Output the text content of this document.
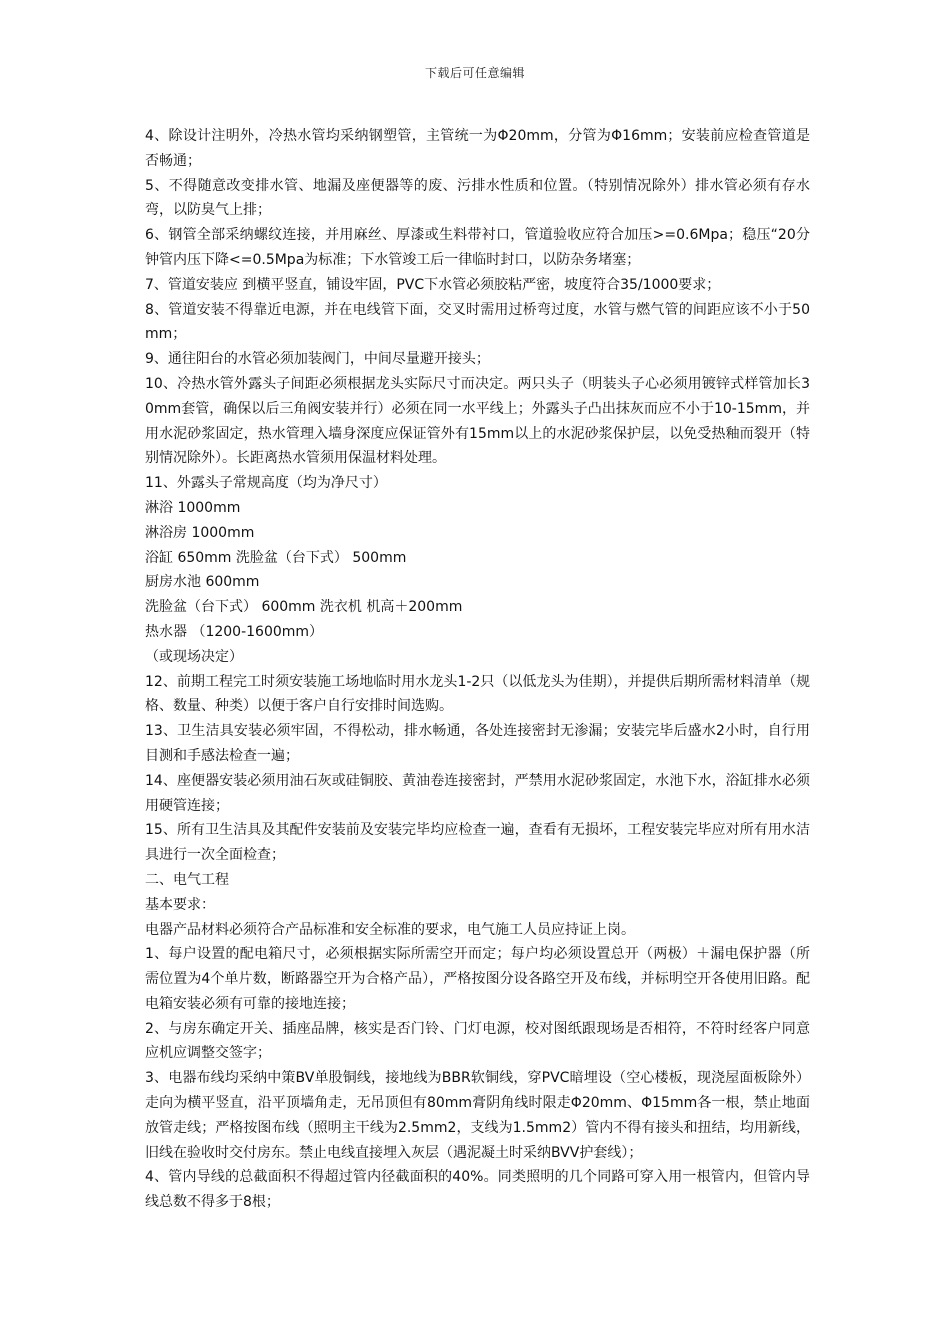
下载后可任意编辑

4、除设计注明外，冷热水管均采纳钢塑管，主管统一为Φ20mm，分管为Φ16mm；安装前应检查管道是否畅通；

5、不得随意改变排水管、地漏及座便器等的废、污排水性质和位置。（特别情况除外）排水管必须有存水弯，以防臭气上排；

6、钢管全部采纳螺纹连接，并用麻丝、厚漆或生料带衬口，管道验收应符合加压>=0.6Mpa；稳压“20分钟管内压下降<=0.5Mpa为标准；下水管竣工后一律临时封口，以防杂务堵塞；

7、管道安装应 到横平竖直，铺设牢固，PVC下水管必须胶粘严密，坡度符合35/1000要求；

8、管道安装不得靠近电源，并在电线管下面，交叉时需用过桥弯过度，水管与燃气管的间距应该不小于50mm；

9、通往阳台的水管必须加装阀门，中间尽量避开接头；

10、冷热水管外露头子间距必须根据龙头实际尺寸而决定。两只头子（明装头子心必须用镀锌式样管加长30mm套管，确保以后三角阀安装并行）必须在同一水平线上；外露头子凸出抹灰而应不小于10-15mm，并用水泥砂浆固定，热水管理入墙身深度应保证管外有15mm以上的水泥砂浆保护层，以免受热釉而裂开（特别情况除外）。长距离热水管须用保温材料处理。

11、外露头子常规高度（均为净尺寸）

淋浴 1000mm

淋浴房 1000mm

浴缸 650mm 洗脸盆（台下式） 500mm

厨房水池 600mm

洗脸盆（台下式） 600mm 洗衣机 机高＋200mm

热水器 （1200-1600mm）

（或现场决定）

12、前期工程完工时须安装施工场地临时用水龙头1-2只（以低龙头为佳期），并提供后期所需材料清单（规格、数量、种类）以便于客户自行安排时间选购。

13、卫生洁具安装必须牢固，不得松动，排水畅通，各处连接密封无渗漏；安装完毕后盛水2小时，自行用目测和手感法检查一遍；

14、座便器安装必须用油石灰或硅铜胶、黄油卷连接密封，严禁用水泥砂浆固定，水池下水，浴缸排水必须用硬管连接；

15、所有卫生洁具及其配件安装前及安装完毕均应检查一遍，查看有无损坏，工程安装完毕应对所有用水洁具进行一次全面检查；

二、电气工程

基本要求：

电器产品材料必须符合产品标准和安全标准的要求，电气施工人员应持证上岗。

1、每户设置的配电箱尺寸，必须根据实际所需空开而定；每户均必须设置总开（两极）＋漏电保护器（所需位置为4个单片数，断路器空开为合格产品），严格按图分设各路空开及布线，并标明空开各使用旧路。配电箱安装必须有可靠的接地连接；

2、与房东确定开关、插座品牌，核实是否门铃、门灯电源，校对图纸跟现场是否相符，不符时经客户同意应机应调整交签字；

3、电器布线均采纳中策BV单股铜线，接地线为BBR软铜线，穿PVC暗埋设（空心楼板，现浇屋面板除外）走向为横平竖直，沿平顶墙角走，无吊顶但有80mm膏阴角线时限走Φ20mm、Φ15mm各一根，禁止地面放管走线；严格按图布线（照明主干线为2.5mm2，支线为1.5mm2）管内不得有接头和扭结，均用新线，旧线在验收时交付房东。禁止电线直接埋入灰层（遇泥凝土时采纳BVV护套线）；

4、管内导线的总截面积不得超过管内径截面积的40%。同类照明的几个同路可穿入用一根管内，但管内导线总数不得多于8根；
